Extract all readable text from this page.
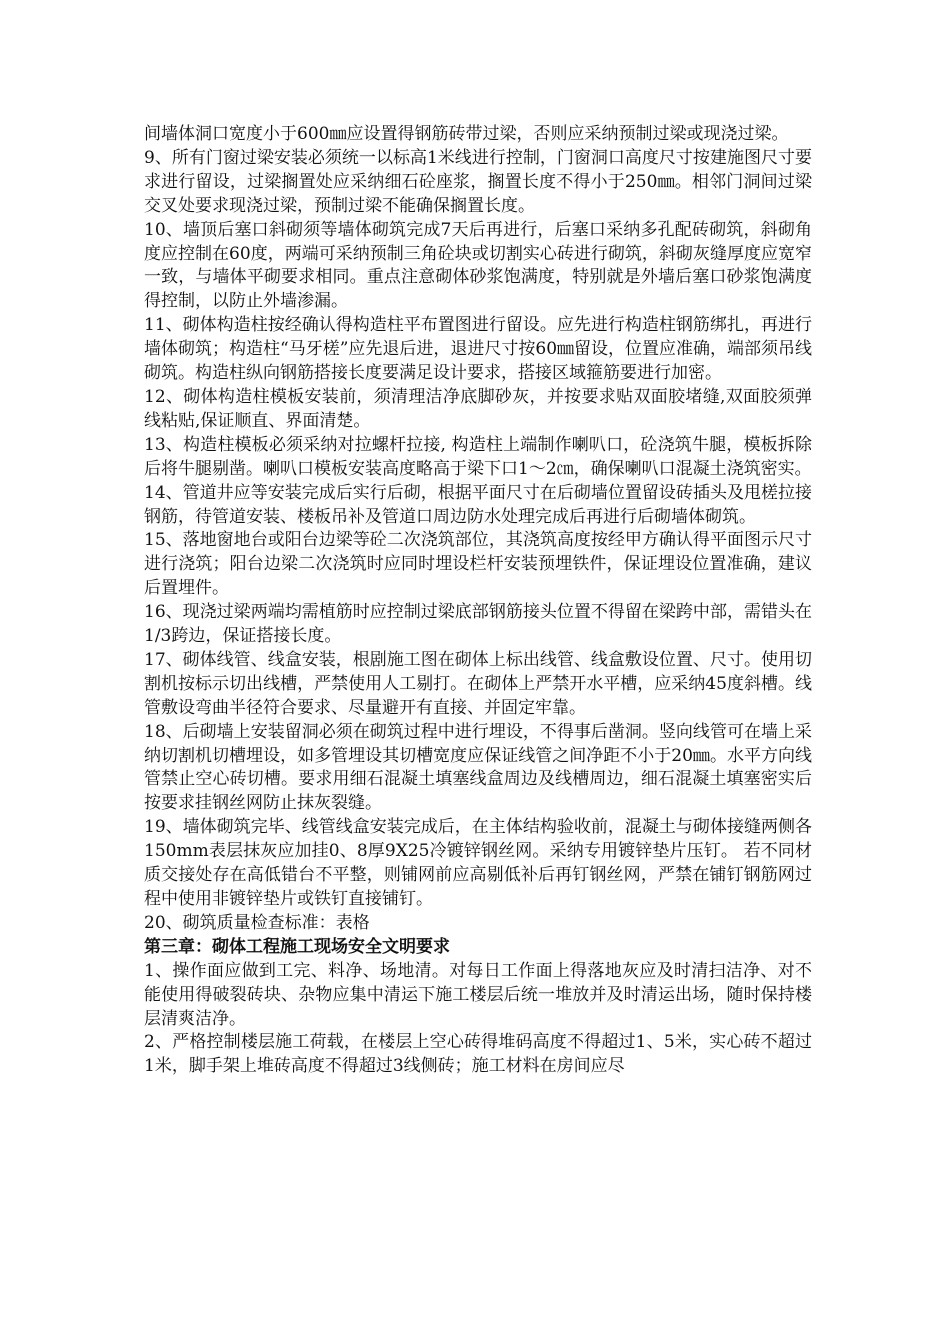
间墙体洞口宽度小于600㎜应设置得钢筋砖带过梁，否则应采纳预制过梁或现浇过梁。

9、所有门窗过梁安装必须统一以标高1米线进行控制，门窗洞口高度尺寸按建施图尺寸要求进行留设，过梁搁置处应采纳细石砼座浆，搁置长度不得小于250㎜。相邻门洞间过梁交叉处要求现浇过梁，预制过梁不能确保搁置长度。

10、墙顶后塞口斜砌须等墙体砌筑完成7天后再进行，后塞口采纳多孔配砖砌筑，斜砌角度应控制在60度，两端可采纳预制三角砼块或切割实心砖进行砌筑，斜砌灰缝厚度应宽窄一致，与墙体平砌要求相同。重点注意砌体砂浆饱满度，特别就是外墙后塞口砂浆饱满度得控制，以防止外墙渗漏。

11、砌体构造柱按经确认得构造柱平布置图进行留设。应先进行构造柱钢筋绑扎，再进行墙体砌筑；构造柱“马牙槎”应先退后进，退进尺寸按60㎜留设，位置应准确，端部须吊线砌筑。构造柱纵向钢筋搭接长度要满足设计要求，搭接区域箍筋要进行加密。

12、砌体构造柱模板安装前，须清理洁净底脚砂灰，并按要求贴双面胶堵缝,双面胶须弹线粘贴,保证顺直、界面清楚。

13、构造柱模板必须采纳对拉螺杆拉接, 构造柱上端制作喇叭口，砼浇筑牛腿，模板拆除后将牛腿剔凿。喇叭口模板安装高度略高于梁下口1～2㎝，确保喇叭口混凝土浇筑密实。

14、管道井应等安装完成后实行后砌，根据平面尺寸在后砌墙位置留设砖插头及甩槎拉接钢筋，待管道安装、楼板吊补及管道口周边防水处理完成后再进行后砌墙体砌筑。

15、落地窗地台或阳台边梁等砼二次浇筑部位，其浇筑高度按经甲方确认得平面图示尺寸进行浇筑；阳台边梁二次浇筑时应同时埋设栏杆安装预埋铁件，保证埋设位置准确，建议后置埋件。

16、现浇过梁两端均需植筋时应控制过梁底部钢筋接头位置不得留在梁跨中部，需错头在1/3跨边，保证搭接长度。

17、砌体线管、线盒安装，根剧施工图在砌体上标出线管、线盒敷设位置、尺寸。使用切割机按标示切出线槽，严禁使用人工剔打。在砌体上严禁开水平槽，应采纳45度斜槽。线管敷设弯曲半径符合要求、尽量避开有直接、并固定牢靠。

18、后砌墙上安装留洞必须在砌筑过程中进行埋设，不得事后凿洞。竖向线管可在墙上采纳切割机切槽埋设，如多管埋设其切槽宽度应保证线管之间净距不小于20㎜。水平方向线管禁止空心砖切槽。要求用细石混凝土填塞线盒周边及线槽周边，细石混凝土填塞密实后按要求挂钢丝网防止抹灰裂缝。

19、墙体砌筑完毕、线管线盒安装完成后，在主体结构验收前，混凝土与砌体接缝两侧各150mm表层抹灰应加挂0、8厚9X25冷镀锌钢丝网。采纳专用镀锌垫片压钉。 若不同材质交接处存在高低错台不平整，则铺网前应高剔低补后再钉钢丝网，严禁在铺钉钢筋网过程中使用非镀锌垫片或铁钉直接铺钉。

20、砌筑质量检查标准：表格

第三章：砌体工程施工现场安全文明要求

1、操作面应做到工完、料净、场地清。对每日工作面上得落地灰应及时清扫洁净、对不能使用得破裂砖块、杂物应集中清运下施工楼层后统一堆放并及时清运出场，随时保持楼层清爽洁净。

2、严格控制楼层施工荷载，在楼层上空心砖得堆码高度不得超过1、5米，实心砖不超过1米，脚手架上堆砖高度不得超过3线侧砖；施工材料在房间应尽
